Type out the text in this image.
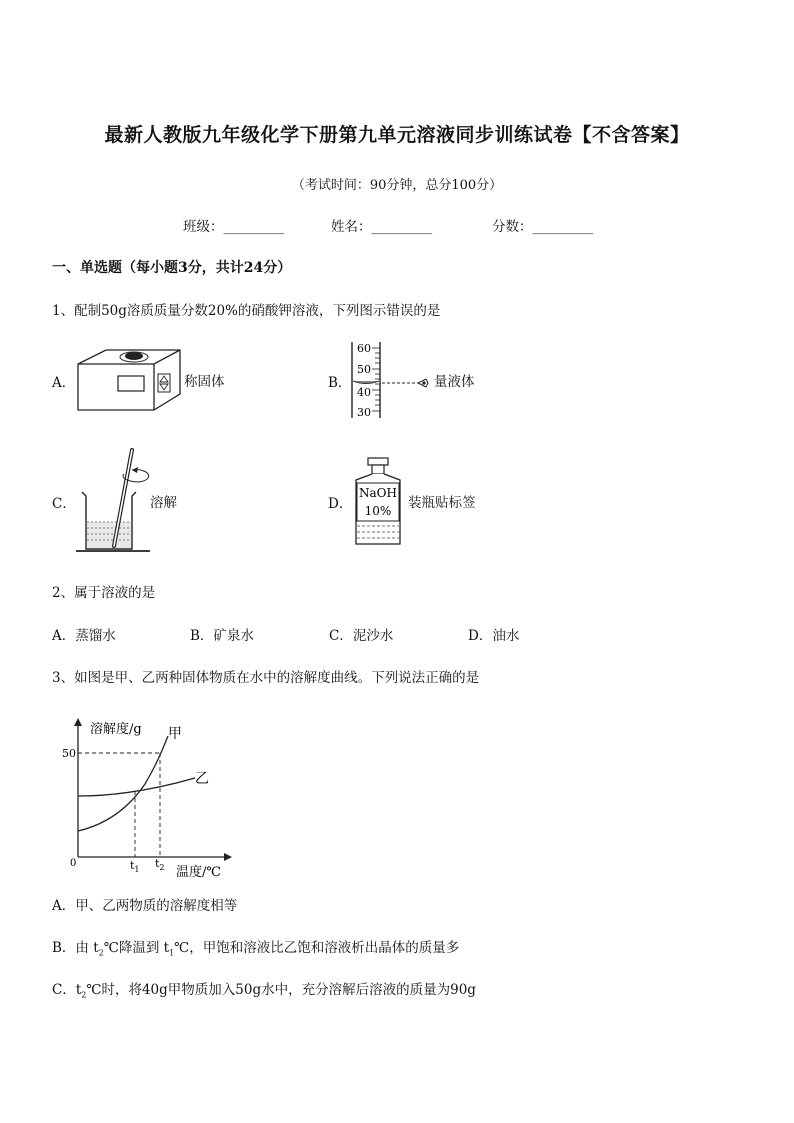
最新人教版九年级化学下册第九单元溶液同步训练试卷【不含答案】
（考试时间：90分钟，总分100分）
班级：_________	姓名：_________	分数：_________
一、单选题（每小题3分，共计24分）
1、配制50g溶质质量分数20%的硝酸钾溶液，下列图示错误的是
A．	称固体	B．
60
50
40
30
量液体
C．	溶解	D．
NaOH
10% 装瓶贴标签
2、属于溶液的是
A．蒸馏水	B．矿泉水	C．泥沙水	D．油水
3、如图是甲、乙两种固体物质在水中的溶解度曲线。下列说法正确的是
溶解度/g 甲
乙
50
0	$t_1$ $t_2$ 温度/℃
A．甲、乙两物质的溶解度相等
B．由 $t_2℃$降温到 $t_1℃$，甲饱和溶液比乙饱和溶液析出晶体的质量多
C．$t_2℃$时，将40g甲物质加入50g水中，充分溶解后溶液的质量为90g
